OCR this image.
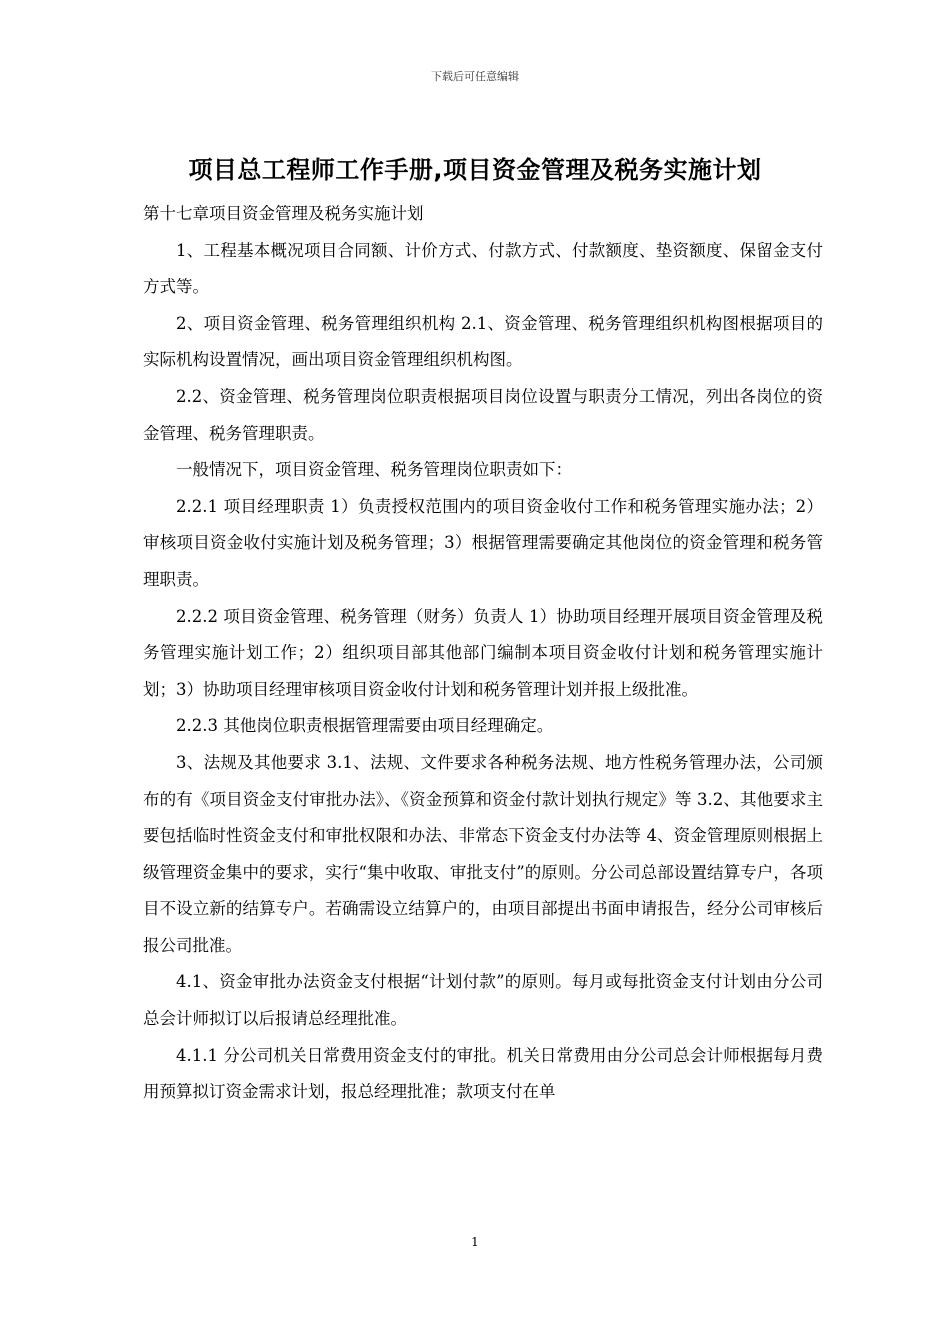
下载后可任意编辑
项目总工程师工作手册,项目资金管理及税务实施计划

第十七章项目资金管理及税务实施计划

1、工程基本概况项目合同额、计价方式、付款方式、付款额度、垫资额度、保留金支付方式等。

2、项目资金管理、税务管理组织机构 2.1、资金管理、税务管理组织机构图根据项目的实际机构设置情况，画出项目资金管理组织机构图。

2.2、资金管理、税务管理岗位职责根据项目岗位设置与职责分工情况，列出各岗位的资金管理、税务管理职责。

一般情况下，项目资金管理、税务管理岗位职责如下：

2.2.1 项目经理职责 1）负责授权范围内的项目资金收付工作和税务管理实施办法；2）审核项目资金收付实施计划及税务管理；3）根据管理需要确定其他岗位的资金管理和税务管理职责。

2.2.2 项目资金管理、税务管理（财务）负责人 1）协助项目经理开展项目资金管理及税务管理实施计划工作；2）组织项目部其他部门编制本项目资金收付计划和税务管理实施计划；3）协助项目经理审核项目资金收付计划和税务管理计划并报上级批准。

2.2.3 其他岗位职责根据管理需要由项目经理确定。

3、法规及其他要求 3.1、法规、文件要求各种税务法规、地方性税务管理办法，公司颁布的有《项目资金支付审批办法》、《资金预算和资金付款计划执行规定》等 3.2、其他要求主要包括临时性资金支付和审批权限和办法、非常态下资金支付办法等 4、资金管理原则根据上级管理资金集中的要求，实行“集中收取、审批支付”的原则。分公司总部设置结算专户，各项目不设立新的结算专户。若确需设立结算户的，由项目部提出书面申请报告，经分公司审核后报公司批准。

4.1、资金审批办法资金支付根据“计划付款”的原则。每月或每批资金支付计划由分公司总会计师拟订以后报请总经理批准。

4.1.1 分公司机关日常费用资金支付的审批。机关日常费用由分公司总会计师根据每月费用预算拟订资金需求计划，报总经理批准；款项支付在单

1
